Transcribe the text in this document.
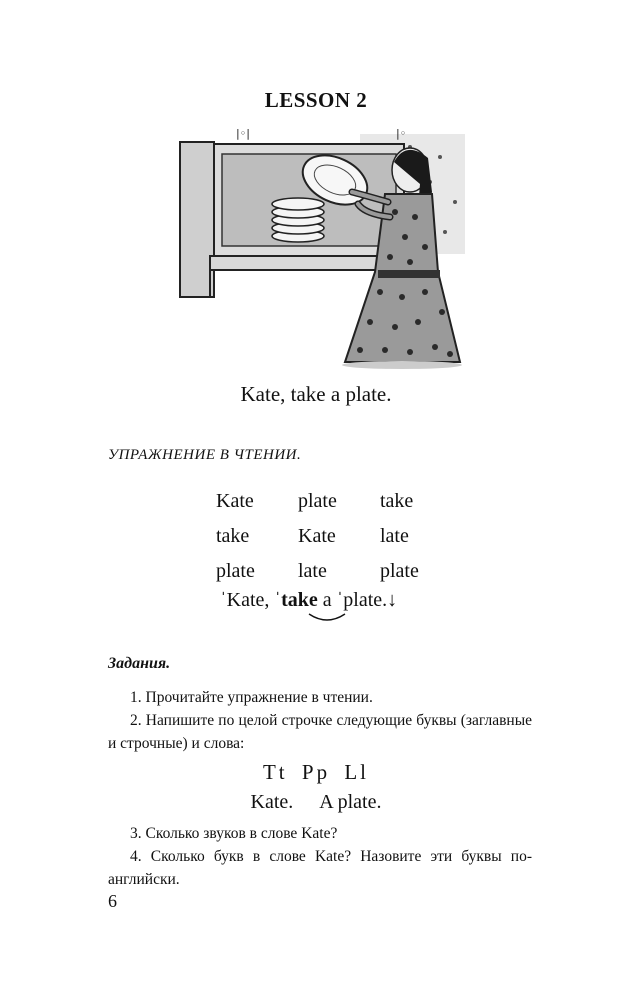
LESSON 2
|◦|	|◦
Kate, take a plate.
УПРАЖНЕНИЕ В ЧТЕНИИ.
Kate	plate	take
take	Kate	late
plate	late	plate
ˈKate, ˈtake a ˈplate.↓
Задания.
1. Прочитайте упражнение в чтении.
2. Напишите по целой строчке следующие буквы (заглавные и строчные) и слова:
Tt Pp Ll
Kate. A plate.
3. Сколько звуков в слове Kate?
4. Сколько букв в слове Kate? Назовите эти буквы по-английски.
6
